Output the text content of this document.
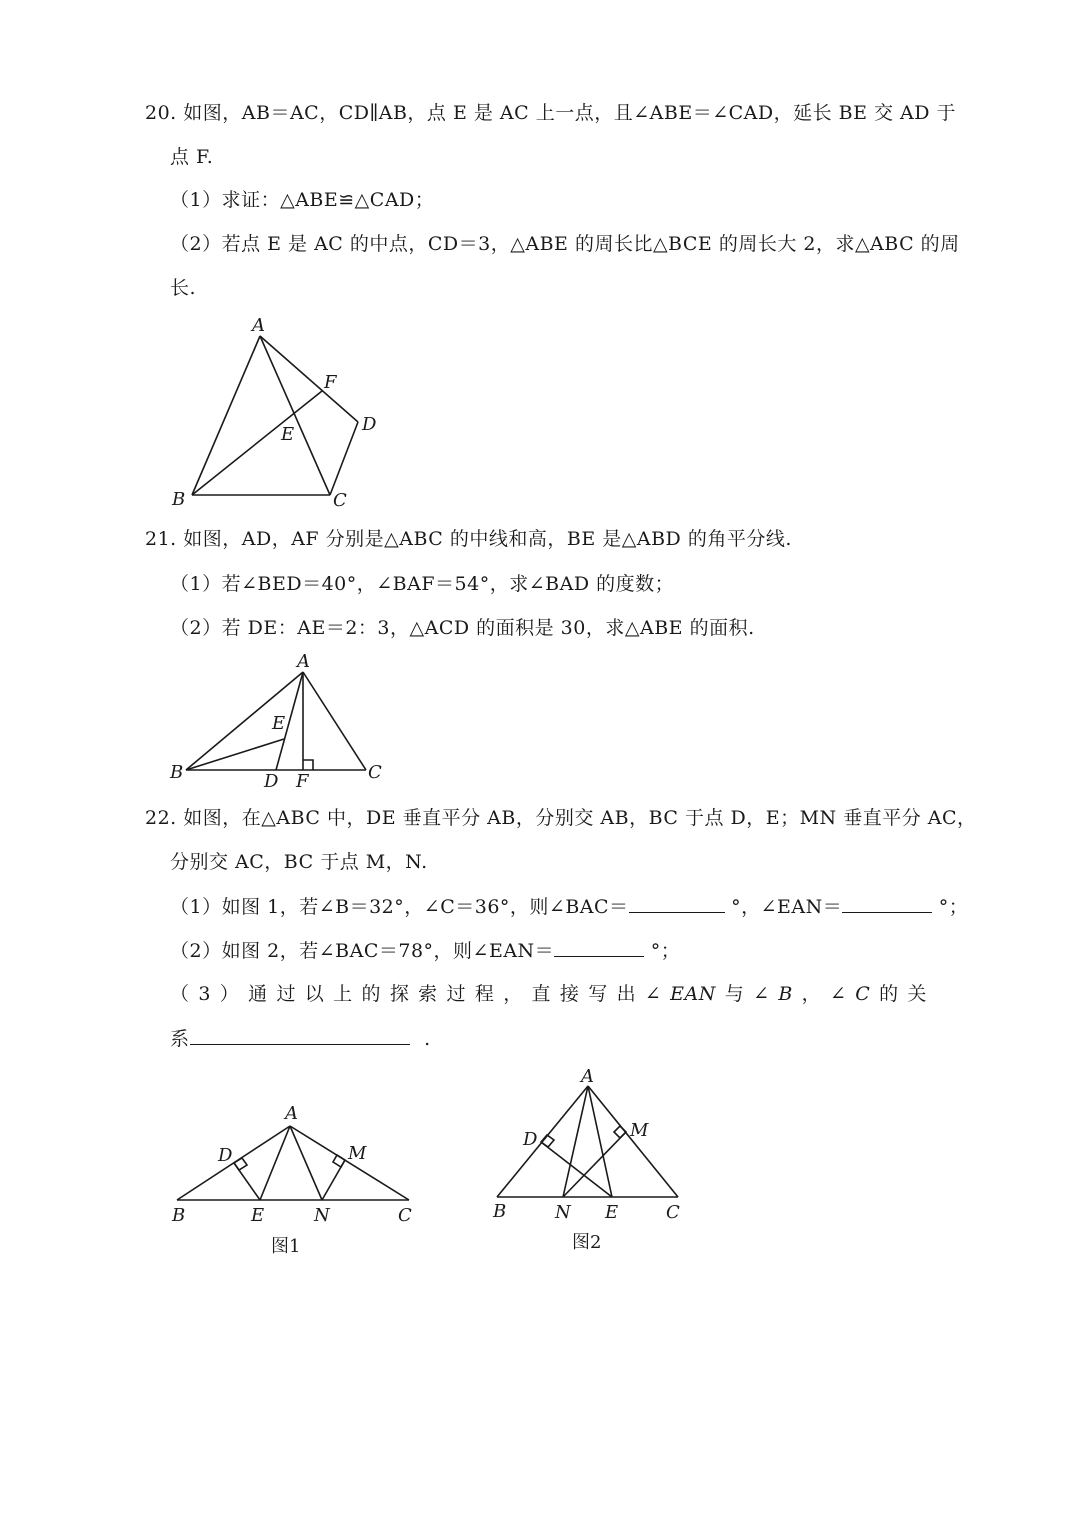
20. 如图，AB＝AC，CD∥AB，点 E 是 AC 上一点，且∠ABE＝∠CAD，延长 BE 交 AD 于
点 F.
（1）求证：△ABE≌△CAD；
（2）若点 E 是 AC 的中点，CD＝3，△ABE 的周长比△BCE 的周长大 2，求△ABC 的周
长.
A
B	C
D
E
F
A
B	C
D
E
F
A
B	C
D
E
M
N
A
B	C
D
E
M
N
21. 如图，AD，AF 分别是△ABC 的中线和高，BE 是△ABD 的角平分线.
（1）若∠BED＝40°，∠BAF＝54°，求∠BAD 的度数；
（2）若 DE：AE＝2：3，△ACD 的面积是 30，求△ABE 的面积.
22. 如图，在△ABC 中，DE 垂直平分 AB，分别交 AB，BC 于点 D，E；MN 垂直平分 AC，
分别交 AC，BC 于点 M，N.
（1）如图 1，若∠B＝32°，∠C＝36°，则∠BAC＝	°，∠EAN＝	°；
（2）如图 2，若∠BAC＝78°，则∠EAN＝	°；
（ 3 ） 通 过 以 上 的 探 索 过 程 ， 直 接 写 出 ∠ EAN 与 ∠ B ， ∠ C 的 关
系	.
图1	图2
